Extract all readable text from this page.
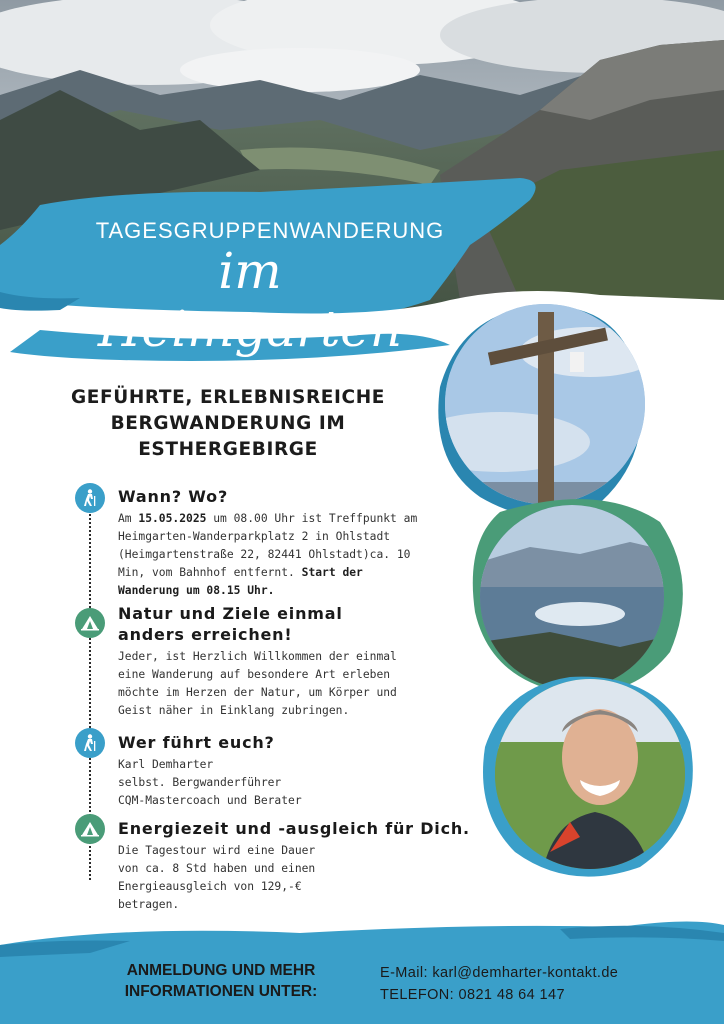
TAGESGRUPPENWANDERUNG
im Heimgarten
GEFÜHRTE, ERLEBNISREICHE
BERGWANDERUNG IM
ESTHERGEBIRGE
Wann? Wo?
Am 15.05.2025 um 08.00 Uhr ist Treffpunkt am
Heimgarten-Wanderparkplatz 2 in Ohlstadt
(Heimgartenstraße 22, 82441 Ohlstadt)ca. 10
Min, vom Bahnhof entfernt. Start der
Wanderung um 08.15 Uhr.
Natur und Ziele einmal
anders erreichen!
Jeder, ist Herzlich Willkommen der einmal
eine Wanderung auf besondere Art erleben
möchte im Herzen der Natur, um Körper und
Geist näher in Einklang zubringen.
Wer führt euch?
Karl Demharter
selbst. Bergwanderführer
CQM-Mastercoach und Berater
Energiezeit und -ausgleich für Dich.
Die Tagestour wird eine Dauer
von ca. 8 Std haben und einen
Energieausgleich von 129,-€
betragen.
ANMELDUNG UND MEHR
INFORMATIONEN UNTER:
E-Mail: karl@demharter-kontakt.de
TELEFON: 0821 48 64 147
